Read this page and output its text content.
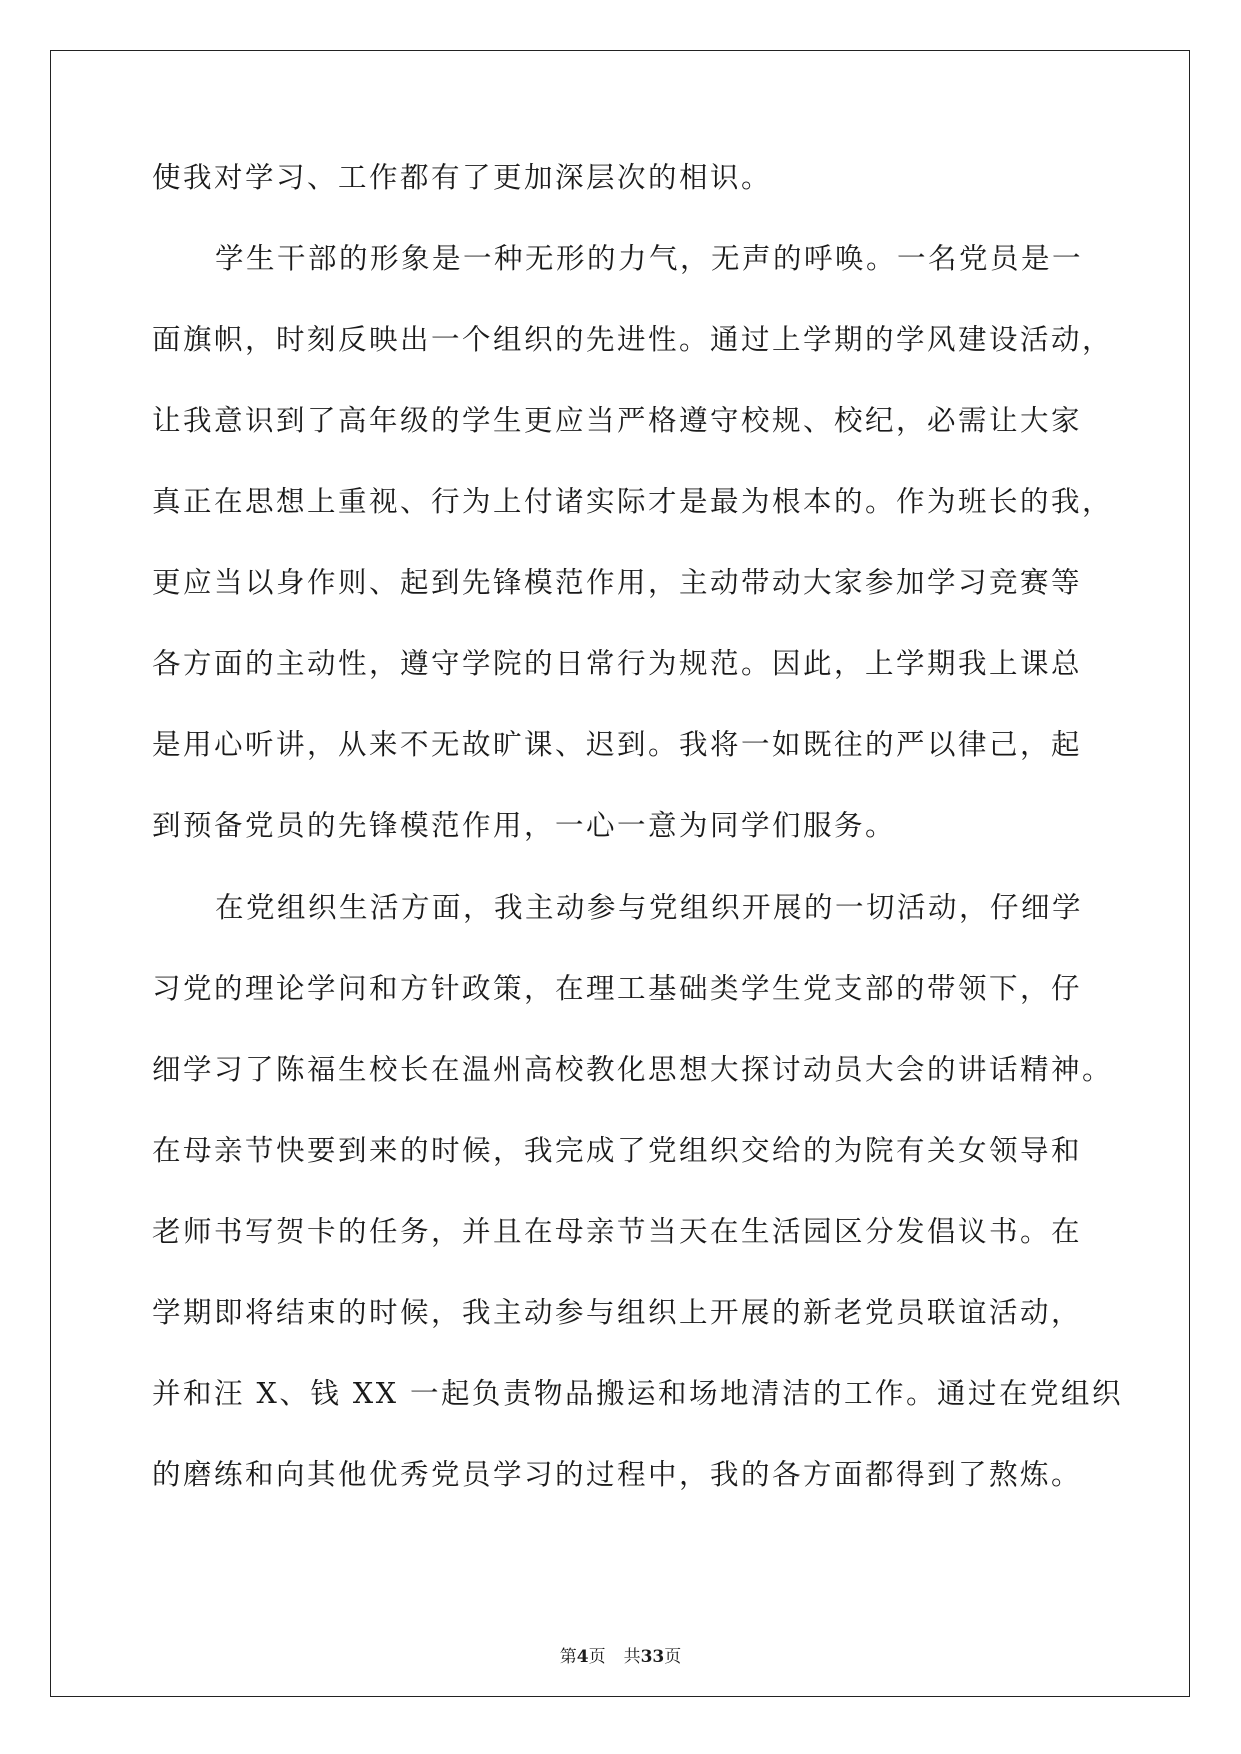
使我对学习、工作都有了更加深层次的相识。
学生干部的形象是一种无形的力气，无声的呼唤。一名党员是一
面旗帜，时刻反映出一个组织的先进性。通过上学期的学风建设活动，
让我意识到了高年级的学生更应当严格遵守校规、校纪，必需让大家
真正在思想上重视、行为上付诸实际才是最为根本的。作为班长的我，
更应当以身作则、起到先锋模范作用，主动带动大家参加学习竞赛等
各方面的主动性，遵守学院的日常行为规范。因此，上学期我上课总
是用心听讲，从来不无故旷课、迟到。我将一如既往的严以律己，起
到预备党员的先锋模范作用，一心一意为同学们服务。
在党组织生活方面，我主动参与党组织开展的一切活动，仔细学
习党的理论学问和方针政策，在理工基础类学生党支部的带领下，仔
细学习了陈福生校长在温州高校教化思想大探讨动员大会的讲话精神。
在母亲节快要到来的时候，我完成了党组织交给的为院有关女领导和
老师书写贺卡的任务，并且在母亲节当天在生活园区分发倡议书。在
学期即将结束的时候，我主动参与组织上开展的新老党员联谊活动，
并和汪 X、钱 XX 一起负责物品搬运和场地清洁的工作。通过在党组织
的磨练和向其他优秀党员学习的过程中，我的各方面都得到了熬炼。
第4页 共33页
